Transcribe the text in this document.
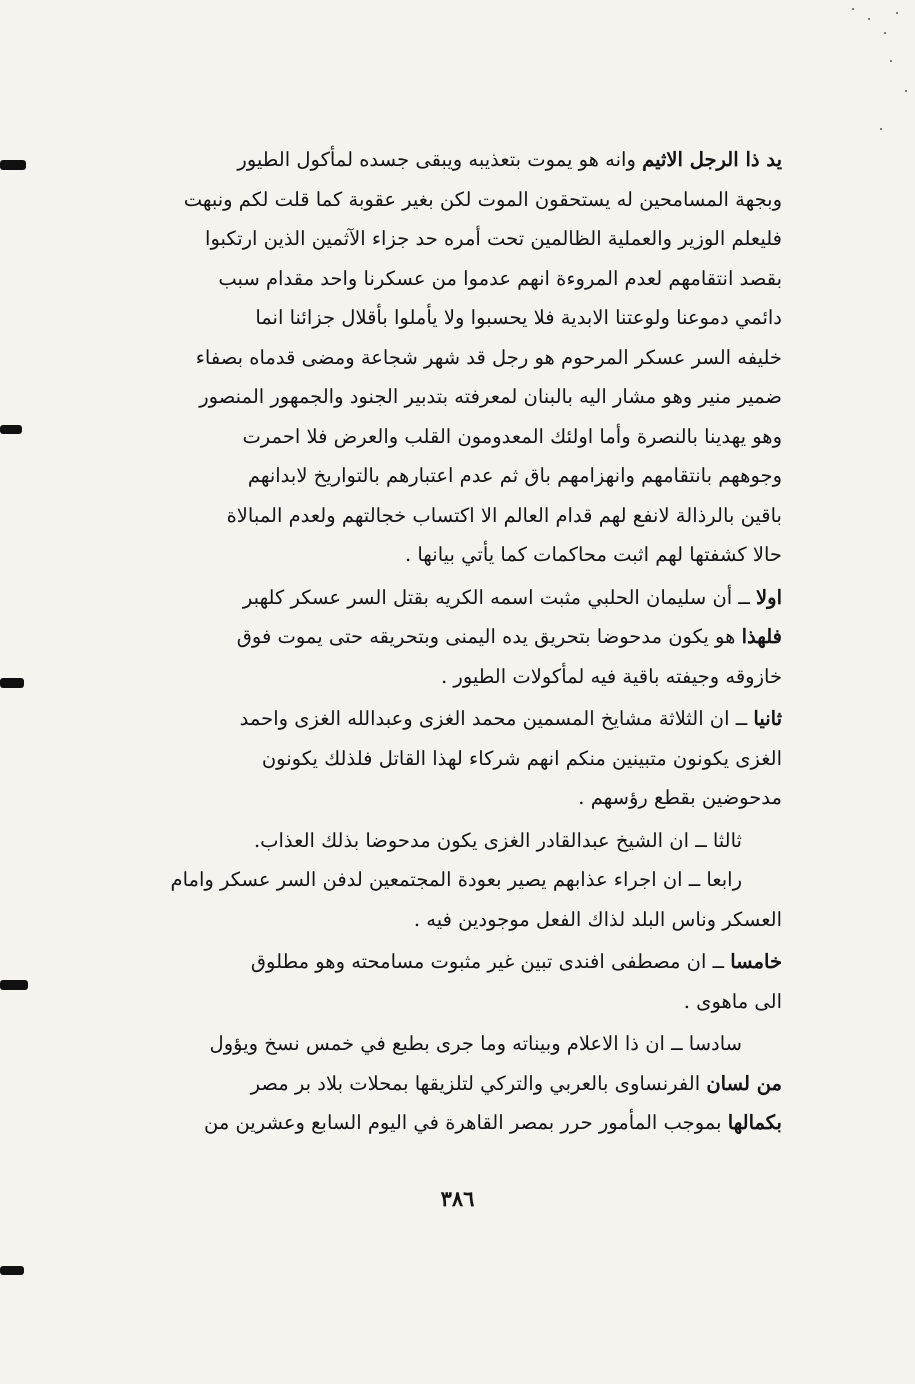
يد ذا الرجل الاثيم وانه هو يموت بتعذيبه ويبقى جسده لمأكول الطيور
وبجهة المسامحين له يستحقون الموت لكن بغير عقوبة كما قلت لكم ونبهت
فليعلم الوزير والعملية الظالمين تحت أمره حد جزاء الآثمين الذين ارتكبوا
بقصد انتقامهم لعدم المروءة انهم عدموا من عسكرنا واحد مقدام سبب
دائمي دموعنا ولوعتنا الابدية فلا يحسبوا ولا يأملوا بأقلال جزائنا انما
خليفه السر عسكر المرحوم هو رجل قد شهر شجاعة ومضى قدماه بصفاء
ضمير منير وهو مشار اليه بالبنان لمعرفته بتدبير الجنود والجمهور المنصور
وهو يهدينا بالنصرة وأما اولئك المعدومون القلب والعرض فلا احمرت
وجوههم بانتقامهم وانهزامهم باق ثم عدم اعتبارهم بالتواريخ لابدانهم
باقين بالرذالة لانفع لهم قدام العالم الا اكتساب خجالتهم ولعدم المبالاة
حالا كشفتها لهم اثبت محاكمات كما يأتي بيانها .
اولا ــ أن سليمان الحلبي مثبت اسمه الكريه بقتل السر عسكر كلهبر
فلهذا هو يكون مدحوضا بتحريق يده اليمنى وبتحريقه حتى يموت فوق
خازوقه وجيفته باقية فيه لمأكولات الطيور .
ثانيا ــ ان الثلاثة مشايخ المسمين محمد الغزى وعبدالله الغزى واحمد
الغزى يكونون متبينين منكم انهم شركاء لهذا القاتل فلذلك يكونون
مدحوضين بقطع رؤسهم .
ثالثا ــ ان الشيخ عبدالقادر الغزى يكون مدحوضا بذلك العذاب.
رابعا ــ ان اجراء عذابهم يصير بعودة المجتمعين لدفن السر عسكر وامام
العسكر وناس البلد لذاك الفعل موجودين فيه .
خامسا ــ ان مصطفى افندى تبين غير مثبوت مسامحته وهو مطلوق
الى ماهوى .
سادسا ــ ان ذا الاعلام وبيناته وما جرى بطبع في خمس نسخ ويؤول
من لسان الفرنساوى بالعربي والتركي لتلزيقها بمحلات بلاد بر مصر
بكمالها بموجب المأمور حرر بمصر القاهرة في اليوم السابع وعشرين من
٣٨٦
